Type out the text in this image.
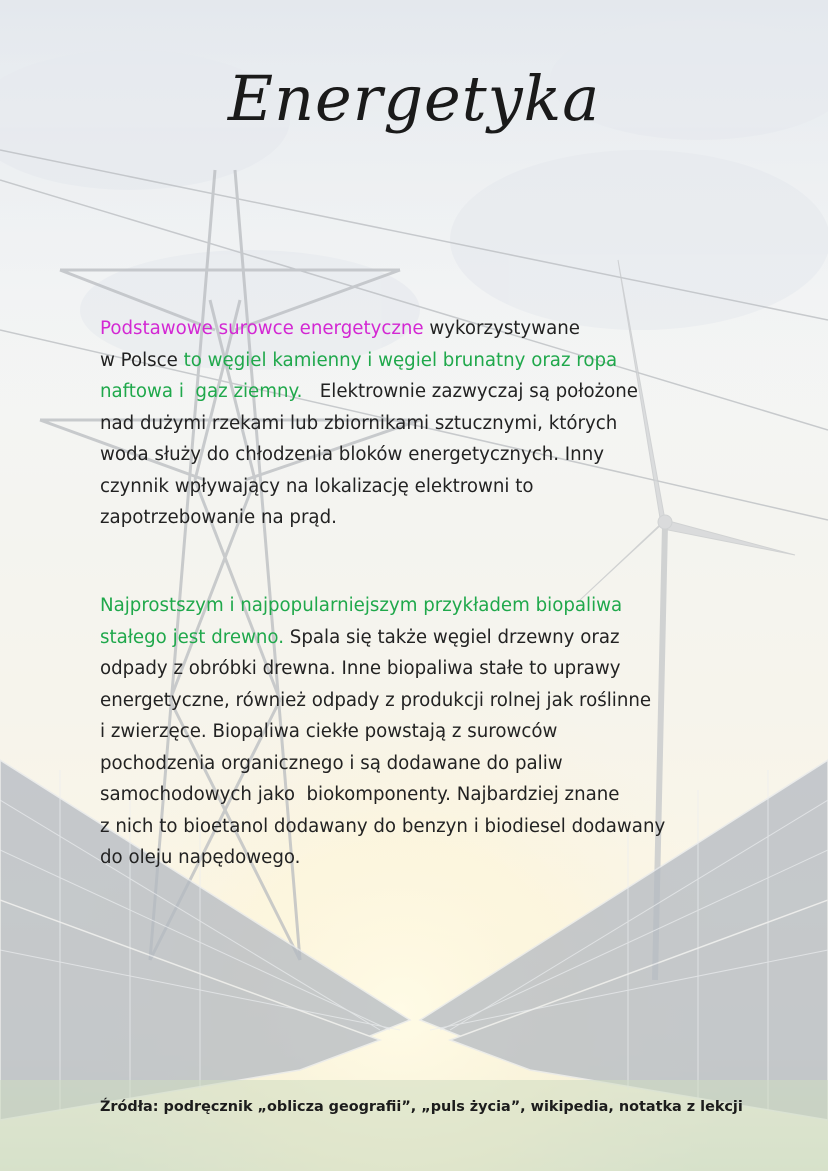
Energetyka

Podstawowe surowce energetyczne wykorzystywane
w Polsce to węgiel kamienny i węgiel brunatny oraz ropa
naftowa i  gaz ziemny.   Elektrownie zazwyczaj są położone
nad dużymi rzekami lub zbiornikami sztucznymi, których
woda służy do chłodzenia bloków energetycznych. Inny
czynnik wpływający na lokalizację elektrowni to
zapotrzebowanie na prąd.

Najprostszym i najpopularniejszym przykładem biopaliwa
stałego jest drewno. Spala się także węgiel drzewny oraz
odpady z obróbki drewna. Inne biopaliwa stałe to uprawy
energetyczne, również odpady z produkcji rolnej jak roślinne
i zwierzęce. Biopaliwa ciekłe powstają z surowców
pochodzenia organicznego i są dodawane do paliw
samochodowych jako  biokomponenty. Najbardziej znane
z nich to bioetanol dodawany do benzyn i biodiesel dodawany
do oleju napędowego.

Źródła: podręcznik „oblicza geografii”, „puls życia”, wikipedia, notatka z lekcji
